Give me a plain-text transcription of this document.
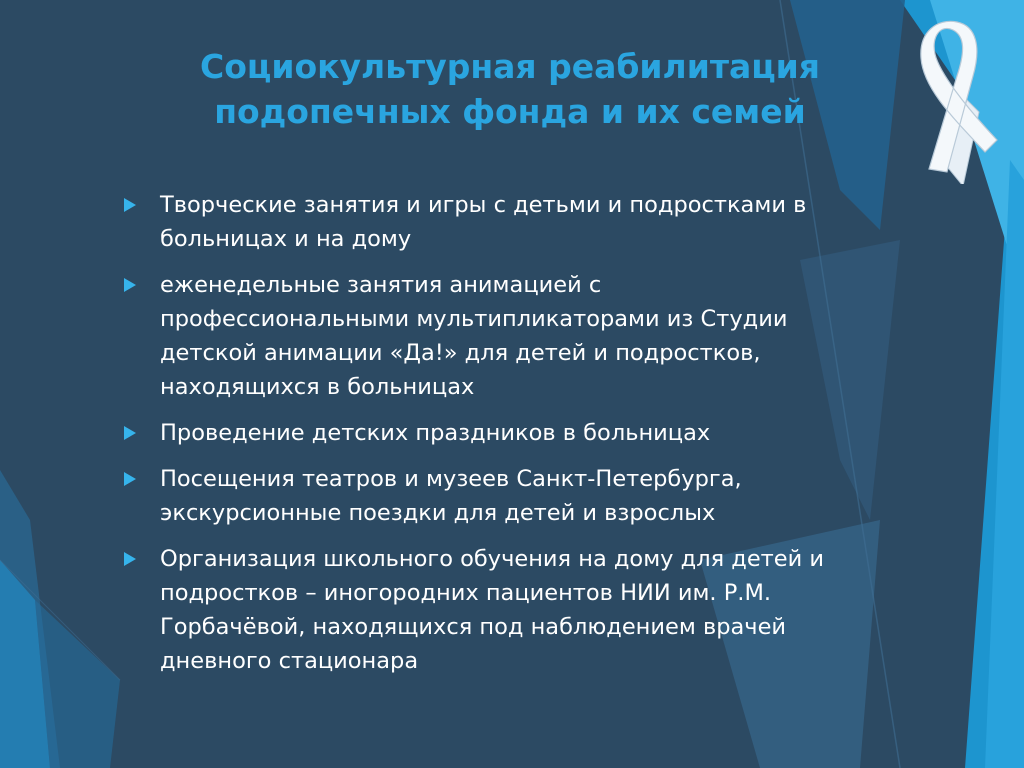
Социокультурная реабилитация
подопечных фонда и их семей
Творческие занятия и игры с детьми и подростками в
больницах и на дому
еженедельные занятия анимацией с
профессиональными мультипликаторами из Студии
детской анимации «Да!» для детей и подростков,
находящихся в больницах
Проведение детских праздников в больницах
Посещения театров и музеев Санкт-Петербурга,
экскурсионные поездки для детей и взрослых
Организация школьного обучения на дому для детей и
подростков – иногородних пациентов НИИ им. Р.М.
Горбачёвой, находящихся под наблюдением врачей
дневного стационара
